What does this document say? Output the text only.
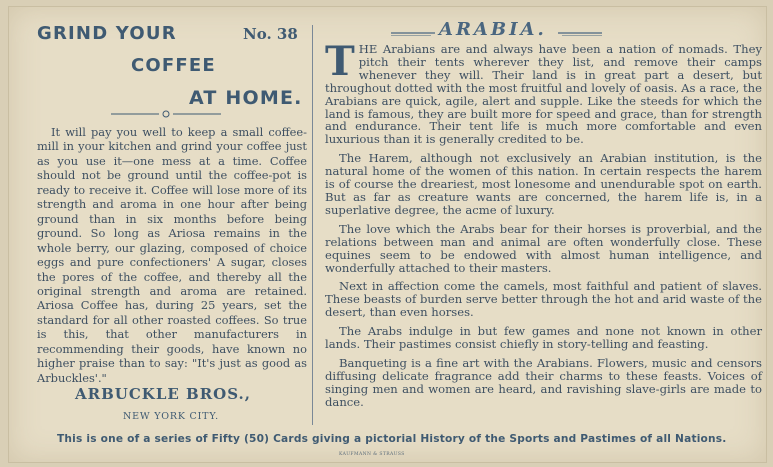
GRIND YOUR	No. 38
COFFEE
AT HOME.
It will pay you well to keep a small coffee-mill in your kitchen and grind your coffee just as you use it—one mess at a time. Coffee should not be ground until the coffee-pot is ready to receive it. Coffee will lose more of its strength and aroma in one hour after being ground than in six months before being ground. So long as Ariosa remains in the whole berry, our glazing, composed of choice eggs and pure confectioners' A sugar, closes the pores of the coffee, and thereby all the original strength and aroma are retained. Ariosa Coffee has, during 25 years, set the standard for all other roasted coffees. So true is this, that other manufacturers in recommending their goods, have known no higher praise than to say: "It's just as good as Arbuckles'."
ARBUCKLE BROS.,
NEW YORK CITY.
ARABIA.

THE Arabians are and always have been a nation of nomads. They pitch their tents wherever they list, and remove their camps whenever they will. Their land is in great part a desert, but throughout dotted with the most fruitful and lovely of oasis. As a race, the Arabians are quick, agile, alert and supple. Like the steeds for which the land is famous, they are built more for speed and grace, than for strength and endurance. Their tent life is much more comfortable and even luxurious than it is generally credited to be.

The Harem, although not exclusively an Arabian institution, is the natural home of the women of this nation. In certain respects the harem is of course the dreariest, most lonesome and unendurable spot on earth. But as far as creature wants are concerned, the harem life is, in a superlative degree, the acme of luxury.

The love which the Arabs bear for their horses is proverbial, and the relations between man and animal are often wonderfully close. These equines seem to be endowed with almost human intelligence, and wonderfully attached to their masters.

Next in affection come the camels, most faithful and patient of slaves. These beasts of burden serve better through the hot and arid waste of the desert, than even horses.

The Arabs indulge in but few games and none not known in other lands. Their pastimes consist chiefly in story-telling and feasting.

Banqueting is a fine art with the Arabians. Flowers, music and censors diffusing delicate fragrance add their charms to these feasts. Voices of singing men and women are heard, and ravishing slave-girls are made to dance.

This is one of a series of Fifty (50) Cards giving a pictorial History of the Sports and Pastimes of all Nations.
KAUFMANN & STRAUSS
